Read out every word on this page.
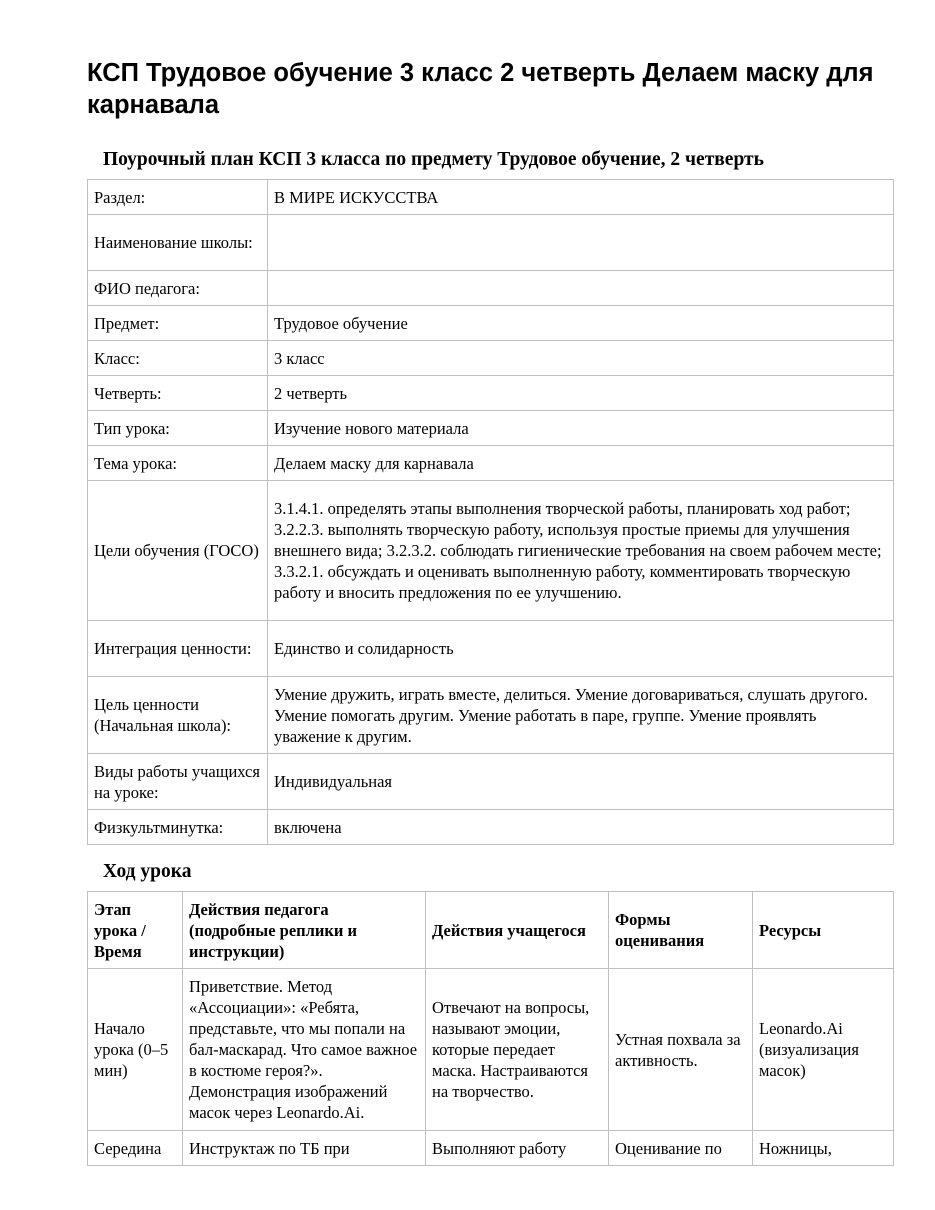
КСП Трудовое обучение 3 класс 2 четверть Делаем маску для карнавала
Поурочный план КСП 3 класса по предмету Трудовое обучение, 2 четверть
Раздел:	В МИРЕ ИСКУССТВА
Наименование школы:	
ФИО педагога:	
Предмет:	Трудовое обучение
Класс:	3 класс
Четверть:	2 четверть
Тип урока:	Изучение нового материала
Тема урока:	Делаем маску для карнавала
Цели обучения (ГОСО)	3.1.4.1. определять этапы выполнения творческой работы, планировать ход работ; 3.2.2.3. выполнять творческую работу, используя простые приемы для улучшения внешнего вида; 3.2.3.2. соблюдать гигиенические требования на своем рабочем месте; 3.3.2.1. обсуждать и оценивать выполненную работу, комментировать творческую работу и вносить предложения по ее улучшению.
Интеграция ценности:	Единство и солидарность
Цель ценности (Начальная школа):	Умение дружить, играть вместе, делиться. Умение договариваться, слушать другого. Умение помогать другим. Умение работать в паре, группе. Умение проявлять уважение к другим.
Виды работы учащихся на уроке:	Индивидуальная
Физкультминутка:	включена
Ход урока
Этап урока / Время	Действия педагога (подробные реплики и инструкции)	Действия учащегося	Формы оценивания	Ресурсы
Начало урока (0–5 мин)	Приветствие. Метод «Ассоциации»: «Ребята, представьте, что мы попали на бал-маскарад. Что самое важное в костюме героя?». Демонстрация изображений масок через Leonardo.Ai.	Отвечают на вопросы, называют эмоции, которые передает маска. Настраиваются на творчество.	Устная похвала за активность.	Leonardo.Ai (визуализация масок)
Середина	Инструктаж по ТБ при	Выполняют работу	Оценивание по	Ножницы,
